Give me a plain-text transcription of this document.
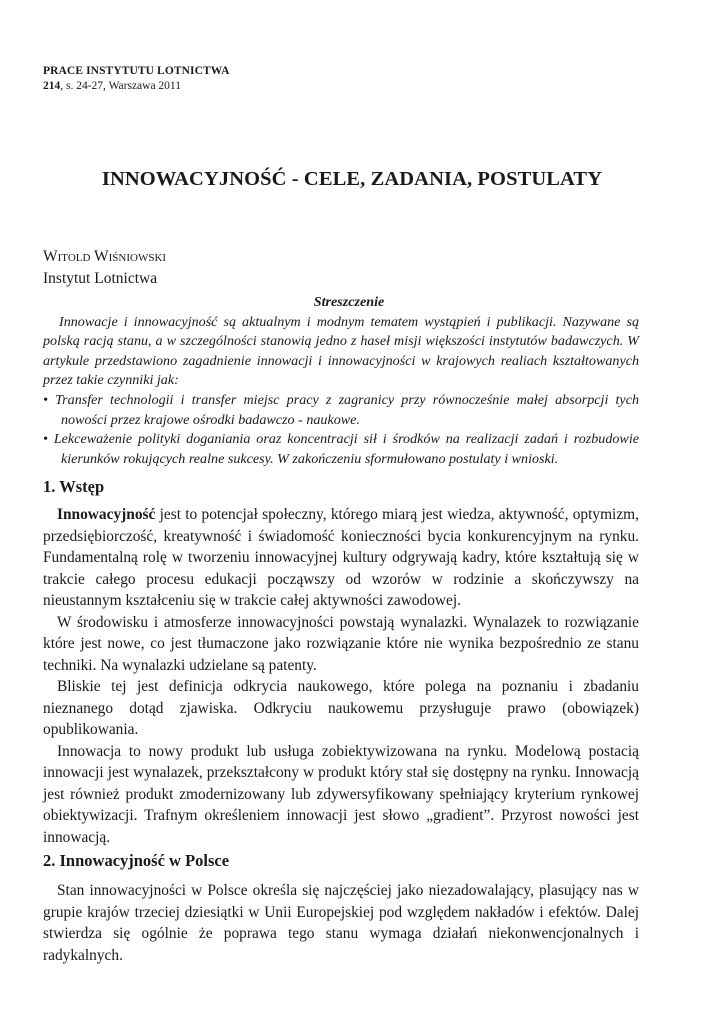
PRACE INSTYTUTU LOTNICTWA
214, s. 24-27, Warszawa 2011
INNOWACYJNOŚĆ - CELE, ZADANIA, POSTULATY
Witold Wiśniowski
Instytut Lotnictwa

Streszczenie

Innowacje i innowacyjność są aktualnym i modnym tematem wystąpień i publikacji. Nazywane są polską racją stanu, a w szczególności stanowią jedno z haseł misji większości instytutów badawczych. W artykule przedstawiono zagadnienie innowacji i innowacyjności w krajowych realiach kształtowanych przez takie czynniki jak:

• Transfer technologii i transfer miejsc pracy z zagranicy przy równocześnie małej absorpcji tych nowości przez krajowe ośrodki badawczo - naukowe.

• Lekceważenie polityki doganiania oraz koncentracji sił i środków na realizacji zadań i rozbudowie kierunków rokujących realne sukcesy. W zakończeniu sformułowano postulaty i wnioski.

1. Wstęp

Innowacyjność jest to potencjał społeczny, którego miarą jest wiedza, aktywność, optymizm, przedsiębiorczość, kreatywność i świadomość konieczności bycia konkurencyjnym na rynku. Fundamentalną rolę w tworzeniu innowacyjnej kultury odgrywają kadry, które kształtują się w trakcie całego procesu edukacji począwszy od wzorów w rodzinie a skończywszy na nieustannym kształceniu się w trakcie całej aktywności zawodowej.

W środowisku i atmosferze innowacyjności powstają wynalazki. Wynalazek to rozwiązanie które jest nowe, co jest tłumaczone jako rozwiązanie które nie wynika bezpośrednio ze stanu techniki. Na wynalazki udzielane są patenty.

Bliskie tej jest definicja odkrycia naukowego, które polega na poznaniu i zbadaniu nieznanego dotąd zjawiska. Odkryciu naukowemu przysługuje prawo (obowiązek) opublikowania.

Innowacja to nowy produkt lub usługa zobiektywizowana na rynku. Modelową postacią innowacji jest wynalazek, przekształcony w produkt który stał się dostępny na rynku. Innowacją jest również produkt zmodernizowany lub zdywersyfikowany spełniający kryterium rynkowej obiektywizacji. Trafnym określeniem innowacji jest słowo „gradient”. Przyrost nowości jest innowacją.

2. Innowacyjność w Polsce

Stan innowacyjności w Polsce określa się najczęściej jako niezadowalający, plasujący nas w grupie krajów trzeciej dziesiątki w Unii Europejskiej pod względem nakładów i efektów. Dalej stwierdza się ogólnie że poprawa tego stanu wymaga działań niekonwencjonalnych i radykalnych.
